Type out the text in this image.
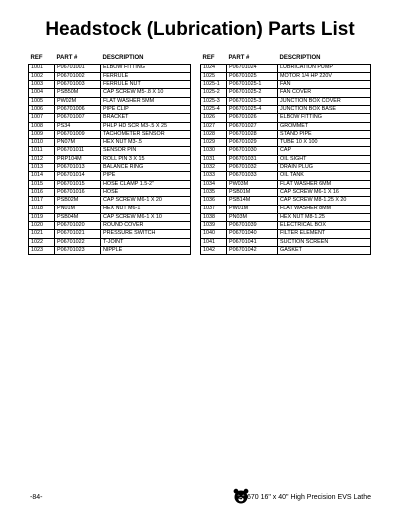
Headstock (Lubrication) Parts List
REF	PART #	DESCRIPTION
1001	P06701001	ELBOW FITTING
1002	P06701002	FERRULE
1003	P06701003	FERRULE NUT
1004	PSB50M	CAP SCREW M5-.8 X 10
1005	PW02M	FLAT WASHER 5MM
1006	P06701006	PIPE CLIP
1007	P06701007	BRACKET
1008	PS34	PHLP HD SCR M3-.5 X 25
1009	P06701009	TACHOMETER SENSOR
1010	PN07M	HEX NUT M3-.5
1011	P06701011	SENSOR PIN
1012	PRP104M	ROLL PIN 3 X 15
1013	P06701013	BALANCE RING
1014	P06701014	PIPE
1015	P06701015	HOSE CLAMP 1.5-2"
1016	P06701016	HOSE
1017	PSB02M	CAP SCREW M6-1 X 20
1018	PN01M	HEX NUT M6-1
1019	PSB04M	CAP SCREW M6-1 X 10
1020	P06701020	ROUND COVER
1021	P06701021	PRESSURE SWITCH
1022	P06701022	T-JOINT
1023	P06701023	NIPPLE
REF	PART #	DESCRIPTION
1024	P06701024	LUBRICATION PUMP
1025	P06701025	MOTOR 1/4 HP 220V
1025-1	P06701025-1	FAN
1025-2	P06701025-2	FAN COVER
1025-3	P06701025-3	JUNCTION BOX COVER
1025-4	P06701025-4	JUNCTION BOX BASE
1026	P06701026	ELBOW FITTING
1027	P06701027	GROMMET
1028	P06701028	STAND PIPE
1029	P06701029	TUBE 10 X 100
1030	P06701030	CAP
1031	P06701031	OIL SIGHT
1032	P06701032	DRAIN PLUG
1033	P06701033	OIL TANK
1034	PW03M	FLAT WASHER 6MM
1035	PSB01M	CAP SCREW M6-1 X 16
1036	PSB14M	CAP SCREW M8-1.25 X 20
1037	PW01M	FLAT WASHER 8MM
1038	PN03M	HEX NUT M8-1.25
1039	P06701039	ELECTRICAL BOX
1040	P06701040	FILTER ELEMENT
1041	P06701041	SUCTION SCREEN
1042	P06701042	GASKET
-84-	G0670 16" x 40" High Precision EVS Lathe
